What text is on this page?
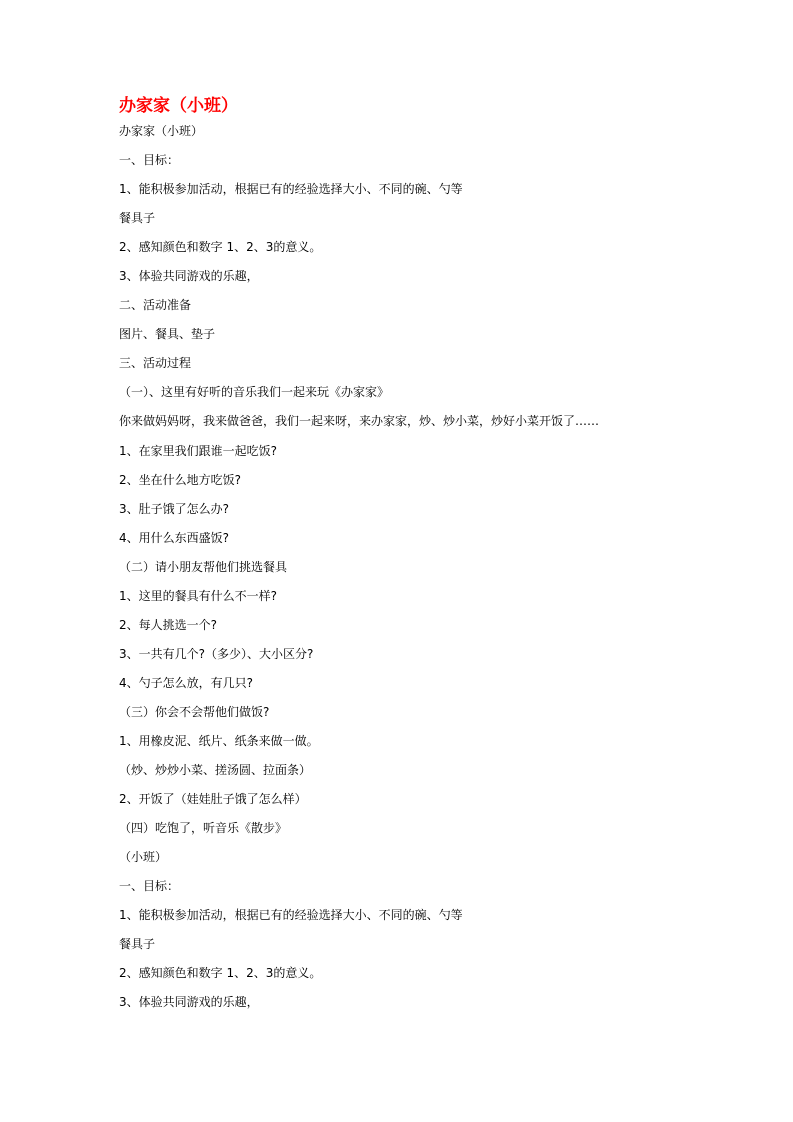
办家家（小班）
办家家（小班）
一、目标：
1、能积极参加活动，根据已有的经验选择大小、不同的碗、勺等
餐具子
2、感知颜色和数字 1、2、3的意义。
3、体验共同游戏的乐趣，
二、活动准备
图片、餐具、垫子
三、活动过程
（一）、这里有好听的音乐我们一起来玩《办家家》
你来做妈妈呀，我来做爸爸，我们一起来呀，来办家家，炒、炒小菜，炒好小菜开饭了……
1、在家里我们跟谁一起吃饭?
2、坐在什么地方吃饭?
3、肚子饿了怎么办?
4、用什么东西盛饭?
（二）请小朋友帮他们挑选餐具
1、这里的餐具有什么不一样?
2、每人挑选一个?
3、一共有几个?（多少）、大小区分?
4、勺子怎么放，有几只?
（三）你会不会帮他们做饭?
1、用橡皮泥、纸片、纸条来做一做。
（炒、炒炒小菜、搓汤圆、拉面条）
2、开饭了（娃娃肚子饿了怎么样）
（四）吃饱了，听音乐《散步》
（小班）
一、目标：
1、能积极参加活动，根据已有的经验选择大小、不同的碗、勺等
餐具子
2、感知颜色和数字 1、2、3的意义。
3、体验共同游戏的乐趣，
